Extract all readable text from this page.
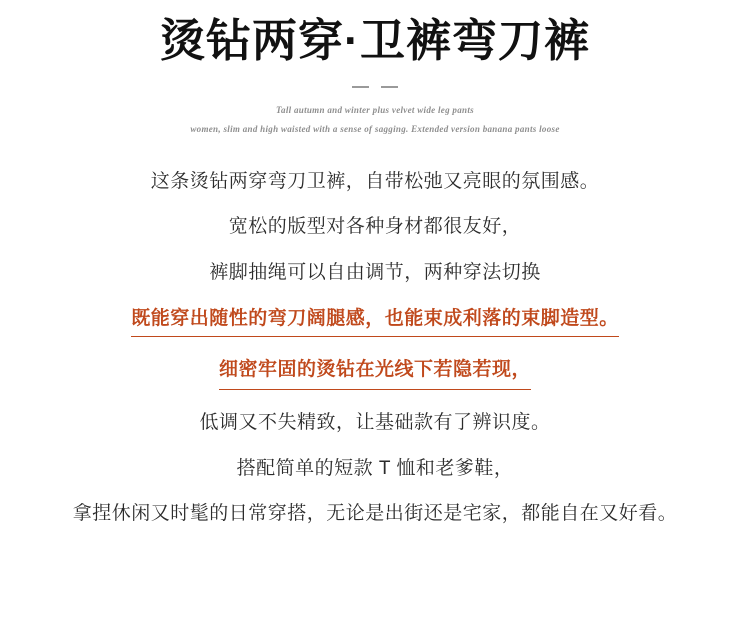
烫钻两穿·卫裤弯刀裤
Tall autumn and winter plus velvet wide leg pants
women, slim and high waisted with a sense of sagging. Extended version banana pants loose

这条烫钻两穿弯刀卫裤，自带松弛又亮眼的氛围感。

宽松的版型对各种身材都很友好，

裤脚抽绳可以自由调节，两种穿法切换

既能穿出随性的弯刀阔腿感，也能束成利落的束脚造型。

细密牢固的烫钻在光线下若隐若现，

低调又不失精致，让基础款有了辨识度。

搭配简单的短款 T 恤和老爹鞋，

拿捏休闲又时髦的日常穿搭，无论是出街还是宅家，都能自在又好看。
